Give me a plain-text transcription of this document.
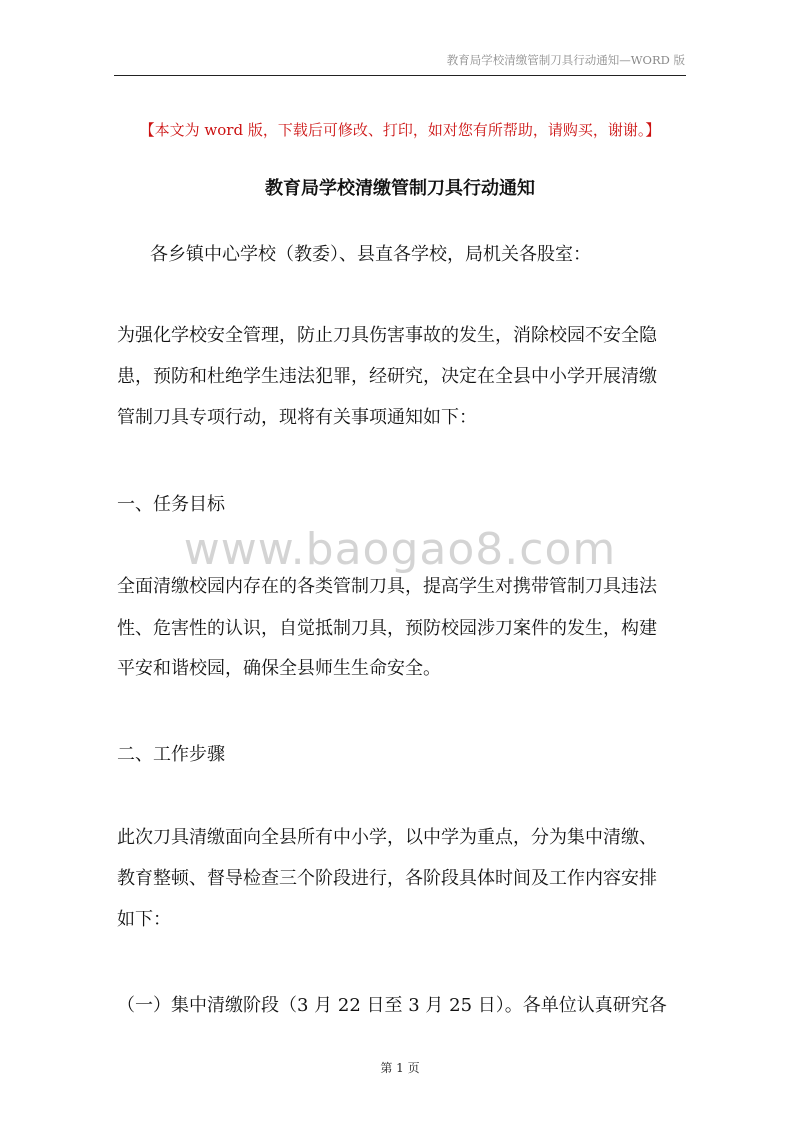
教育局学校清缴管制刀具行动通知—WORD 版
【本文为 word 版，下载后可修改、打印，如对您有所帮助，请购买，谢谢。】
教育局学校清缴管制刀具行动通知
各乡镇中心学校（教委）、县直各学校，局机关各股室：
为强化学校安全管理，防止刀具伤害事故的发生，消除校园不安全隐
患，预防和杜绝学生违法犯罪，经研究，决定在全县中小学开展清缴
管制刀具专项行动，现将有关事项通知如下：
一、任务目标
www.baogao8.com
全面清缴校园内存在的各类管制刀具，提高学生对携带管制刀具违法
性、危害性的认识，自觉抵制刀具，预防校园涉刀案件的发生，构建
平安和谐校园，确保全县师生生命安全。
二、工作步骤
此次刀具清缴面向全县所有中小学，以中学为重点，分为集中清缴、
教育整顿、督导检查三个阶段进行，各阶段具体时间及工作内容安排
如下：
（一）集中清缴阶段（3 月 22 日至 3 月 25 日）。各单位认真研究各
第 1 页
